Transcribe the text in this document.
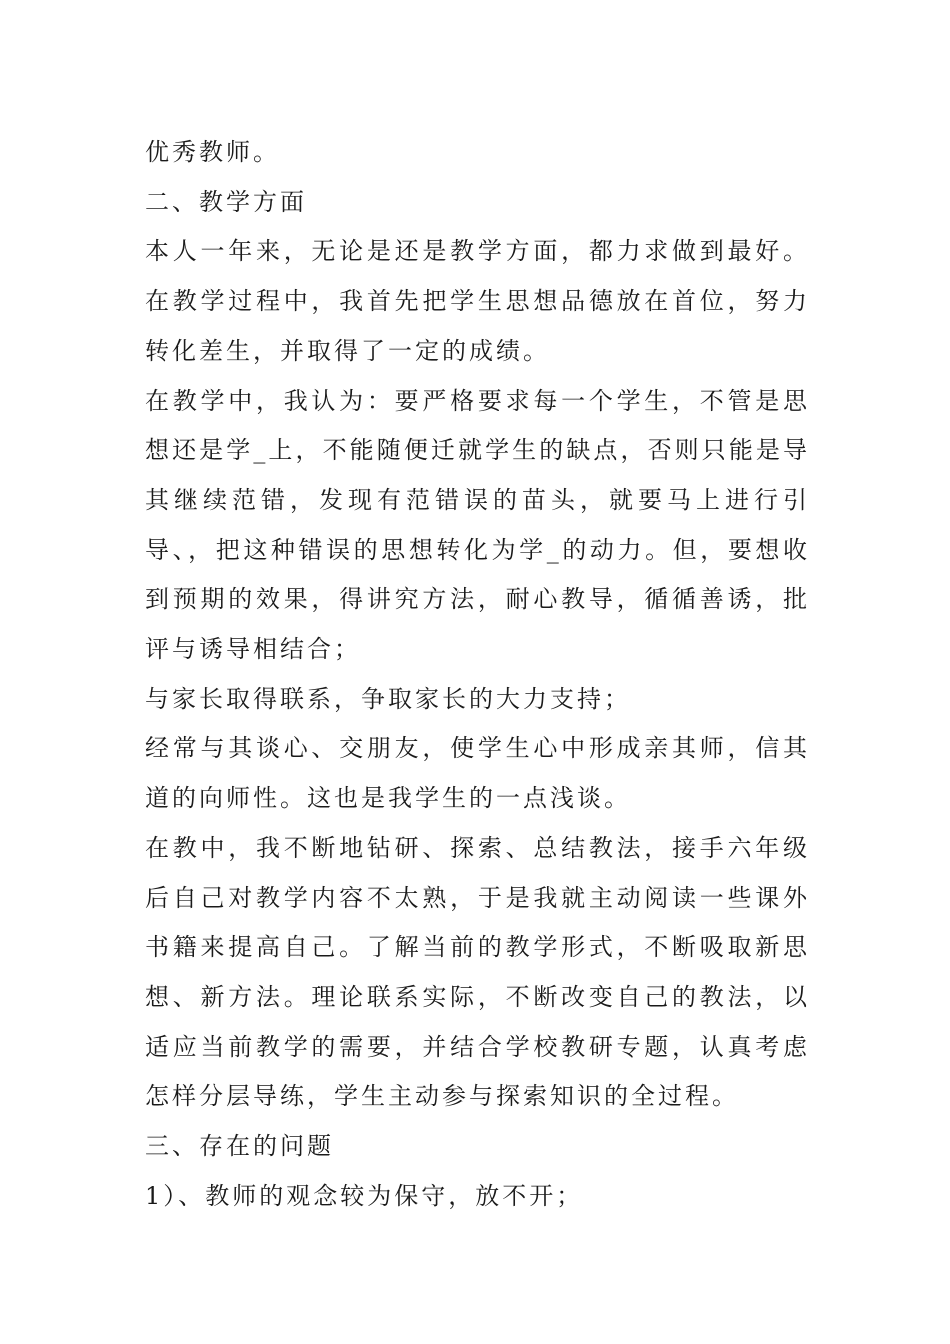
优秀教师。

二、教学方面

本人一年来，无论是还是教学方面，都力求做到最好。在教学过程中，我首先把学生思想品德放在首位，努力转化差生，并取得了一定的成绩。

在教学中，我认为：要严格要求每一个学生，不管是思想还是学_上，不能随便迁就学生的缺点，否则只能是导其继续范错，发现有范错误的苗头，就要马上进行引导、，把这种错误的思想转化为学_的动力。但，要想收到预期的效果，得讲究方法，耐心教导，循循善诱，批评与诱导相结合；

与家长取得联系，争取家长的大力支持；

经常与其谈心、交朋友，使学生心中形成亲其师，信其道的向师性。这也是我学生的一点浅谈。

在教中，我不断地钻研、探索、总结教法，接手六年级后自己对教学内容不太熟，于是我就主动阅读一些课外书籍来提高自己。了解当前的教学形式，不断吸取新思想、新方法。理论联系实际，不断改变自己的教法，以适应当前教学的需要，并结合学校教研专题，认真考虑怎样分层导练，学生主动参与探索知识的全过程。

三、存在的问题

1）、教师的观念较为保守，放不开；
